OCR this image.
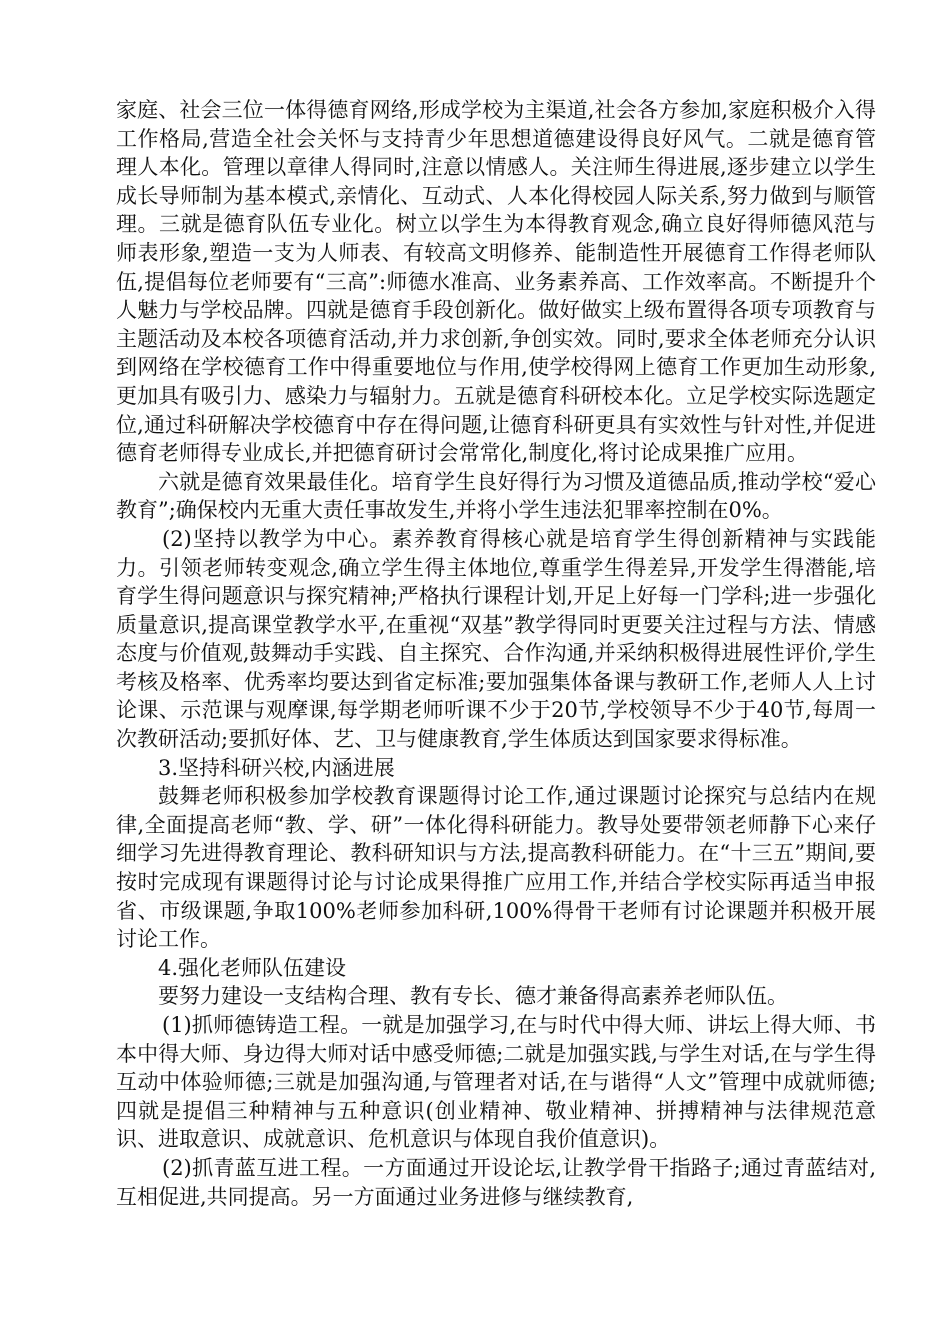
家庭、社会三位一体得德育网络,形成学校为主渠道,社会各方参加,家庭积极介入得工作格局,营造全社会关怀与支持青少年思想道德建设得良好风气。二就是德育管理人本化。管理以章律人得同时,注意以情感人。关注师生得进展,逐步建立以学生成长导师制为基本模式,亲情化、互动式、人本化得校园人际关系,努力做到与顺管理。三就是德育队伍专业化。树立以学生为本得教育观念,确立良好得师德风范与师表形象,塑造一支为人师表、有较高文明修养、能制造性开展德育工作得老师队伍,提倡每位老师要有“三高”:师德水准高、业务素养高、工作效率高。不断提升个人魅力与学校品牌。四就是德育手段创新化。做好做实上级布置得各项专项教育与主题活动及本校各项德育活动,并力求创新,争创实效。同时,要求全体老师充分认识到网络在学校德育工作中得重要地位与作用,使学校得网上德育工作更加生动形象,更加具有吸引力、感染力与辐射力。五就是德育科研校本化。立足学校实际选题定位,通过科研解决学校德育中存在得问题,让德育科研更具有实效性与针对性,并促进德育老师得专业成长,并把德育研讨会常常化,制度化,将讨论成果推广应用。

六就是德育效果最佳化。培育学生良好得行为习惯及道德品质,推动学校“爱心教育”;确保校内无重大责任事故发生,并将小学生违法犯罪率控制在0%。

(2)坚持以教学为中心。素养教育得核心就是培育学生得创新精神与实践能力。引领老师转变观念,确立学生得主体地位,尊重学生得差异,开发学生得潜能,培育学生得问题意识与探究精神;严格执行课程计划,开足上好每一门学科;进一步强化质量意识,提高课堂教学水平,在重视“双基”教学得同时更要关注过程与方法、情感态度与价值观,鼓舞动手实践、自主探究、合作沟通,并采纳积极得进展性评价,学生考核及格率、优秀率均要达到省定标准;要加强集体备课与教研工作,老师人人上讨论课、示范课与观摩课,每学期老师听课不少于20节,学校领导不少于40节,每周一次教研活动;要抓好体、艺、卫与健康教育,学生体质达到国家要求得标准。

3.坚持科研兴校,内涵进展

鼓舞老师积极参加学校教育课题得讨论工作,通过课题讨论探究与总结内在规律,全面提高老师“教、学、研”一体化得科研能力。教导处要带领老师静下心来仔细学习先进得教育理论、教科研知识与方法,提高教科研能力。在“十三五”期间,要按时完成现有课题得讨论与讨论成果得推广应用工作,并结合学校实际再适当申报省、市级课题,争取100%老师参加科研,100%得骨干老师有讨论课题并积极开展讨论工作。

4.强化老师队伍建设

要努力建设一支结构合理、教有专长、德才兼备得高素养老师队伍。

(1)抓师德铸造工程。一就是加强学习,在与时代中得大师、讲坛上得大师、书本中得大师、身边得大师对话中感受师德;二就是加强实践,与学生对话,在与学生得互动中体验师德;三就是加强沟通,与管理者对话,在与谐得“人文”管理中成就师德;四就是提倡三种精神与五种意识(创业精神、敬业精神、拼搏精神与法律规范意识、进取意识、成就意识、危机意识与体现自我价值意识)。

(2)抓青蓝互进工程。一方面通过开设论坛,让教学骨干指路子;通过青蓝结对,互相促进,共同提高。另一方面通过业务进修与继续教育,
